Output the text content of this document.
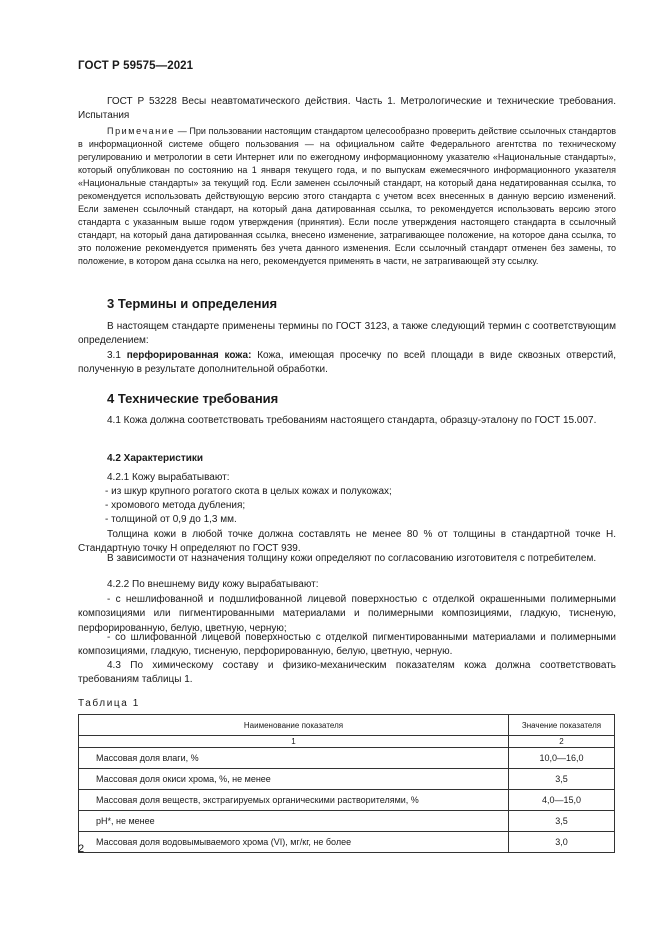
ГОСТ Р 59575—2021
ГОСТ Р 53228 Весы неавтоматического действия. Часть 1. Метрологические и технические требования. Испытания
Примечание — При пользовании настоящим стандартом целесообразно проверить действие ссылочных стандартов в информационной системе общего пользования — на официальном сайте Федерального агентства по техническому регулированию и метрологии в сети Интернет или по ежегодному информационному указателю «Национальные стандарты», который опубликован по состоянию на 1 января текущего года, и по выпускам ежемесячного информационного указателя «Национальные стандарты» за текущий год. Если заменен ссылочный стандарт, на который дана недатированная ссылка, то рекомендуется использовать действующую версию этого стандарта с учетом всех внесенных в данную версию изменений. Если заменен ссылочный стандарт, на который дана датированная ссылка, то рекомендуется использовать версию этого стандарта с указанным выше годом утверждения (принятия). Если после утверждения настоящего стандарта в ссылочный стандарт, на который дана датированная ссылка, внесено изменение, затрагивающее положение, на которое дана ссылка, то это положение рекомендуется применять без учета данного изменения. Если ссылочный стандарт отменен без замены, то положение, в котором дана ссылка на него, рекомендуется применять в части, не затрагивающей эту ссылку.
3 Термины и определения
В настоящем стандарте применены термины по ГОСТ 3123, а также следующий термин с соответствующим определением:
3.1 перфорированная кожа: Кожа, имеющая просечку по всей площади в виде сквозных отверстий, полученную в результате дополнительной обработки.
4 Технические требования
4.1 Кожа должна соответствовать требованиям настоящего стандарта, образцу-эталону по ГОСТ 15.007.
4.2 Характеристики
4.2.1 Кожу вырабатывают:
- из шкур крупного рогатого скота в целых кожах и полукожах;
- хромового метода дубления;
- толщиной от 0,9 до 1,3 мм.
Толщина кожи в любой точке должна составлять не менее 80 % от толщины в стандартной точке Н. Стандартную точку Н определяют по ГОСТ 939.
В зависимости от назначения толщину кожи определяют по согласованию изготовителя с потребителем.
4.2.2 По внешнему виду кожу вырабатывают:
- с нешлифованной и подшлифованной лицевой поверхностью с отделкой окрашенными полимерными композициями или пигментированными материалами и полимерными композициями, гладкую, тисненую, перфорированную, белую, цветную, черную;
- со шлифованной лицевой поверхностью с отделкой пигментированными материалами и полимерными композициями, гладкую, тисненую, перфорированную, белую, цветную, черную.
4.3 По химическому составу и физико-механическим показателям кожа должна соответствовать требованиям таблицы 1.
Таблица 1
Наименование показателя	Значение показателя
1	2
Массовая доля влаги, %	10,0—16,0
Массовая доля окиси хрома, %, не менее	3,5
Массовая доля веществ, экстрагируемых органическими растворителями, %	4,0—15,0
рН*, не менее	3,5
Массовая доля водовымываемого хрома (VI), мг/кг, не более	3,0
2
